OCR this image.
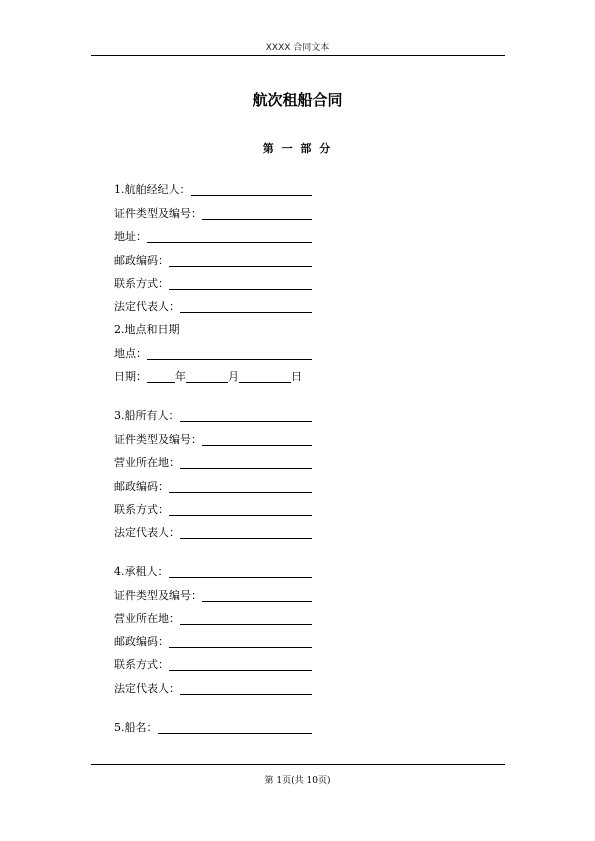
XXXX 合同文本
航次租船合同
第 一 部 分
1.航舶经纪人：
证件类型及编号：
地址：
邮政编码：
联系方式：
法定代表人：
2.地点和日期
地点：
日期：	年	月	日
3.船所有人：
证件类型及编号：
营业所在地：
邮政编码：
联系方式：
法定代表人：
4.承租人：
证件类型及编号：
营业所在地：
邮政编码：
联系方式：
法定代表人：
5.船名：
第 1页(共 10页)
